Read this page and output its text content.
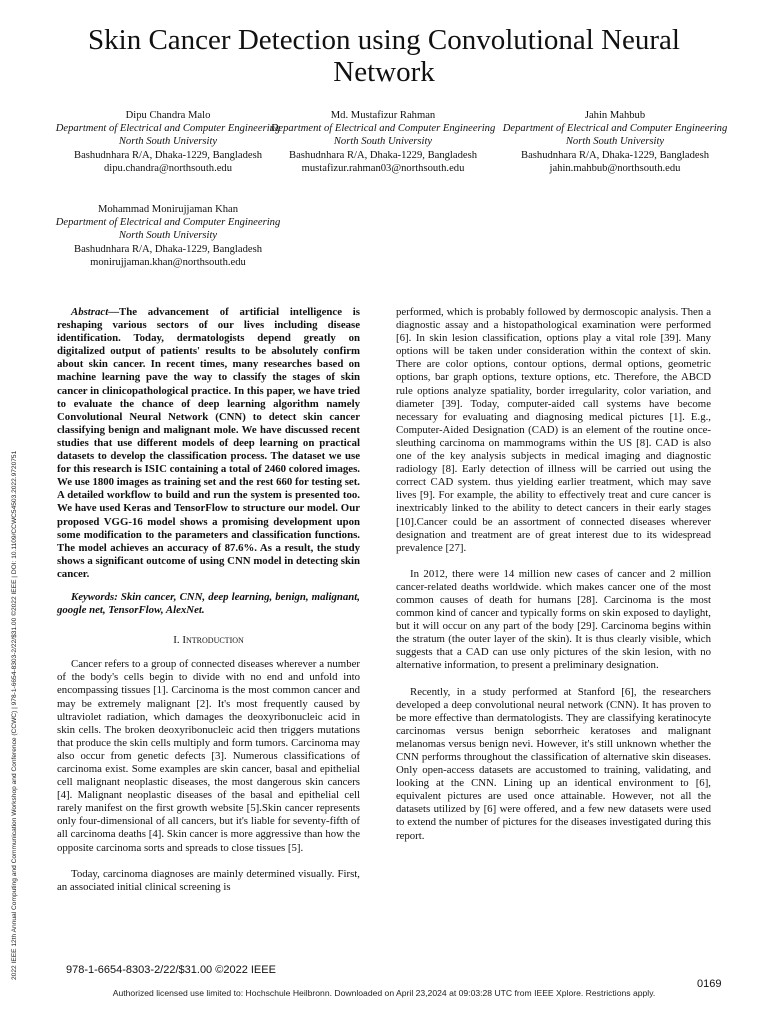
2022 IEEE 12th Annual Computing and Communication Workshop and Conference (CCWC) | 978-1-6654-8303-2/22/$31.00 ©2022 IEEE | DOI: 10.1109/CCWC54503.2022.9720751
Skin Cancer Detection using Convolutional Neural Network
Dipu Chandra Malo
Department of Electrical and Computer Engineering
North South University
Bashudnhara R/A, Dhaka-1229, Bangladesh
dipu.chandra@northsouth.edu
Md. Mustafizur Rahman
Department of Electrical and Computer Engineering
North South University
Bashudnhara R/A, Dhaka-1229, Bangladesh
mustafizur.rahman03@northsouth.edu
Jahin Mahbub
Department of Electrical and Computer Engineering
North South University
Bashudnhara R/A, Dhaka-1229, Bangladesh
jahin.mahbub@northsouth.edu
Mohammad Monirujjaman Khan
Department of Electrical and Computer Engineering
North South University
Bashudnhara R/A, Dhaka-1229, Bangladesh
monirujjaman.khan@northsouth.edu

Abstract—The advancement of artificial intelligence is reshaping various sectors of our lives including disease identification. Today, dermatologists depend greatly on digitalized output of patients' results to be absolutely confirm about skin cancer. In recent times, many researches based on machine learning pave the way to classify the stages of skin cancer in clinicopathological practice. In this paper, we have tried to evaluate the chance of deep learning algorithm namely Convolutional Neural Network (CNN) to detect skin cancer classifying benign and malignant mole. We have discussed recent studies that use different models of deep learning on practical datasets to develop the classification process. The dataset we use for this research is ISIC containing a total of 2460 colored images. We use 1800 images as training set and the rest 660 for testing set. A detailed workflow to build and run the system is presented too. We have used Keras and TensorFlow to structure our model. Our proposed VGG-16 model shows a promising development upon some modification to the parameters and classification functions. The model achieves an accuracy of 87.6%. As a result, the study shows a significant outcome of using CNN model in detecting skin cancer.

Keywords: Skin cancer, CNN, deep learning, benign, malignant, google net, TensorFlow, AlexNet.

I. Introduction

Cancer refers to a group of connected diseases wherever a number of the body's cells begin to divide with no end and unfold into encompassing tissues [1]. Carcinoma is the most common cancer and may be extremely malignant [2]. It's most frequently caused by ultraviolet radiation, which damages the deoxyribonucleic acid in skin cells. The broken deoxyribonucleic acid then triggers mutations that produce the skin cells multiply and form tumors. Carcinoma may also occur from genetic defects [3]. Numerous classifications of carcinoma exist. Some examples are skin cancer, basal and epithelial cell malignant neoplastic diseases, the most dangerous skin cancers [4]. Malignant neoplastic diseases of the basal and epithelial cell rarely manifest on the first growth website [5].Skin cancer represents only four-dimensional of all cancers, but it's liable for seventy-fifth of all carcinoma deaths [4]. Skin cancer is more aggressive than how the opposite carcinoma sorts and spreads to close tissues [5].

Today, carcinoma diagnoses are mainly determined visually. First, an associated initial clinical screening is

performed, which is probably followed by dermoscopic analysis. Then a diagnostic assay and a histopathological examination were performed [6]. In skin lesion classification, options play a vital role [39]. Many options will be taken under consideration within the context of skin. There are color options, contour options, dermal options, geometric options, bar graph options, texture options, etc. Therefore, the ABCD rule options analyze spatiality, border irregularity, color variation, and diameter [39]. Today, computer-aided call systems have become necessary for evaluating and diagnosing medical pictures [1]. E.g., Computer-Aided Designation (CAD) is an element of the routine once-sleuthing carcinoma on mammograms within the US [8]. CAD is also one of the key analysis subjects in medical imaging and diagnostic radiology [8]. Early detection of illness will be carried out using the correct CAD system. thus yielding earlier treatment, which may save lives [9]. For example, the ability to effectively treat and cure cancer is inextricably linked to the ability to detect cancers in their early stages [10].Cancer could be an assortment of connected diseases wherever designation and treatment are of great interest due to its widespread prevalence [27].

In 2012, there were 14 million new cases of cancer and 2 million cancer-related deaths worldwide. which makes cancer one of the most common causes of death for humans [28]. Carcinoma is the most common kind of cancer and typically forms on skin exposed to daylight, but it will occur on any part of the body [29]. Carcinoma begins within the stratum (the outer layer of the skin). It is thus clearly visible, which suggests that a CAD can use only pictures of the skin lesion, with no alternative information, to present a preliminary designation.

Recently, in a study performed at Stanford [6], the researchers developed a deep convolutional neural network (CNN). It has proven to be more effective than dermatologists. They are classifying keratinocyte carcinomas versus benign seborrheic keratoses and malignant melanomas versus benign nevi. However, it's still unknown whether the CNN performs throughout the classification of alternative skin diseases. Only open-access datasets are accustomed to training, validating, and looking at the CNN. Lining up an identical environment to [6], equivalent pictures are used once attainable. However, not all the datasets utilized by [6] were offered, and a few new datasets were used to extend the number of pictures for the diseases investigated during this report.

978-1-6654-8303-2/22/$31.00 ©2022 IEEE
0169
Authorized licensed use limited to: Hochschule Heilbronn. Downloaded on April 23,2024 at 09:03:28 UTC from IEEE Xplore. Restrictions apply.
